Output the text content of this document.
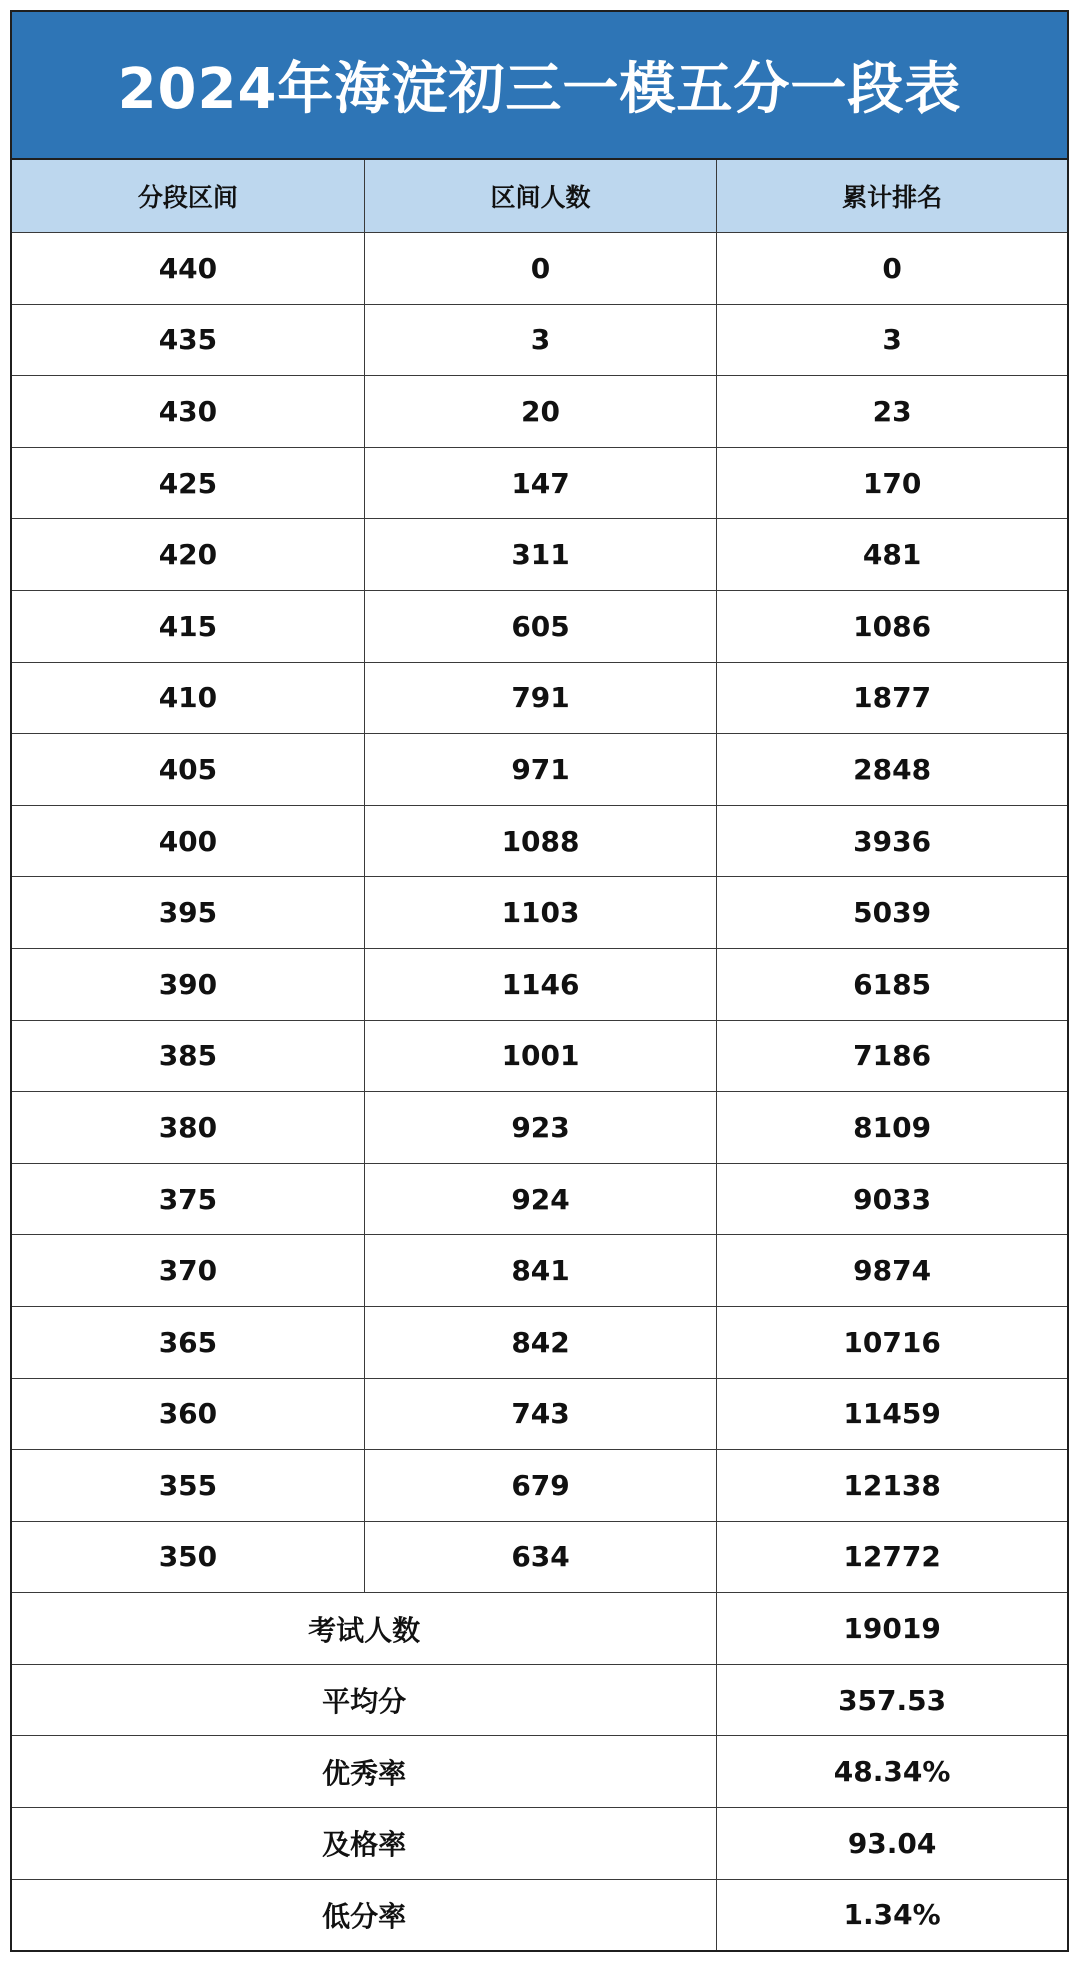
2024年海淀初三一模五分一段表
分段区间	区间人数	累计排名
440	0	0
435	3	3
430	20	23
425	147	170
420	311	481
415	605	1086
410	791	1877
405	971	2848
400	1088	3936
395	1103	5039
390	1146	6185
385	1001	7186
380	923	8109
375	924	9033
370	841	9874
365	842	10716
360	743	11459
355	679	12138
350	634	12772
考试人数		19019
平均分		357.53
优秀率		48.34%
及格率		93.04
低分率		1.34%
